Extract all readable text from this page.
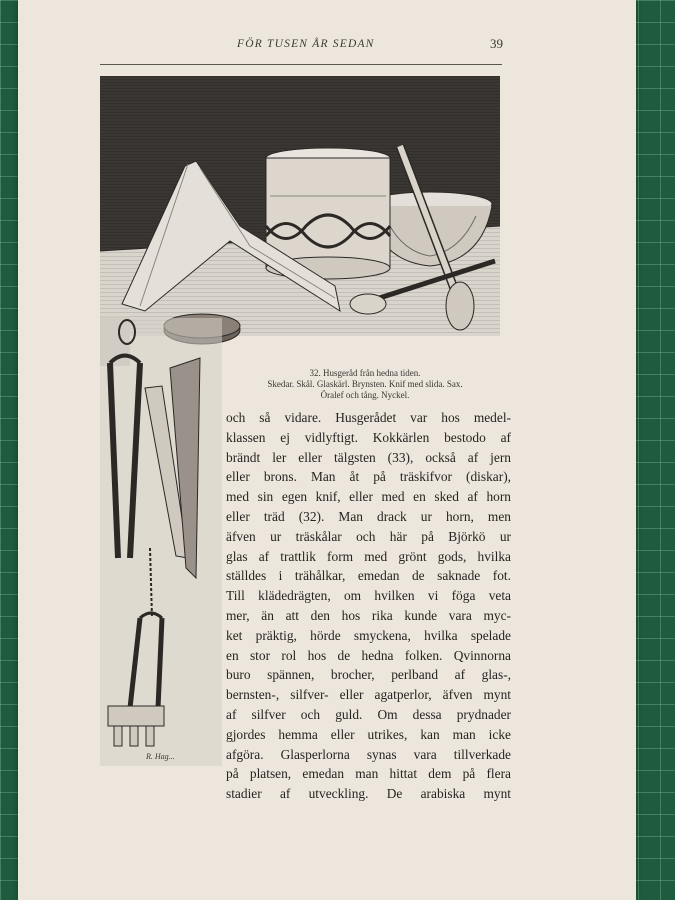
FÖR TUSEN ÅR SEDAN	39
R. Hag...
32. Husgeråd från hedna tiden.
Skedar. Skål. Glaskärl. Brynsten. Knif med slida. Sax.
Öralef och tång. Nyckel.
och så vidare. Husgerådet var hos medel-
klassen ej vidlyftigt. Kokkärlen bestodo af
brändt ler eller tälgsten (33), också af jern
eller brons. Man åt på träskifvor (diskar),
med sin egen knif, eller med en sked af horn
eller träd (32). Man drack ur horn, men
äfven ur träskålar och här på Björkö ur
glas af trattlik form med grönt gods, hvilka
ställdes i trähålkar, emedan de saknade fot.
Till klädedrägten, om hvilken vi föga veta
mer, än att den hos rika kunde vara myc-
ket präktig, hörde smyckena, hvilka spelade
en stor rol hos de hedna folken. Qvinnorna
buro spännen, brocher, perlband af glas-,
bernsten-, silfver- eller agatperlor, äfven mynt
af silfver och guld. Om dessa prydnader
gjordes hemma eller utrikes, kan man icke
afgöra. Glasperlorna synas vara tillverkade
på platsen, emedan man hittat dem på flera
stadier af utveckling. De arabiska mynt
